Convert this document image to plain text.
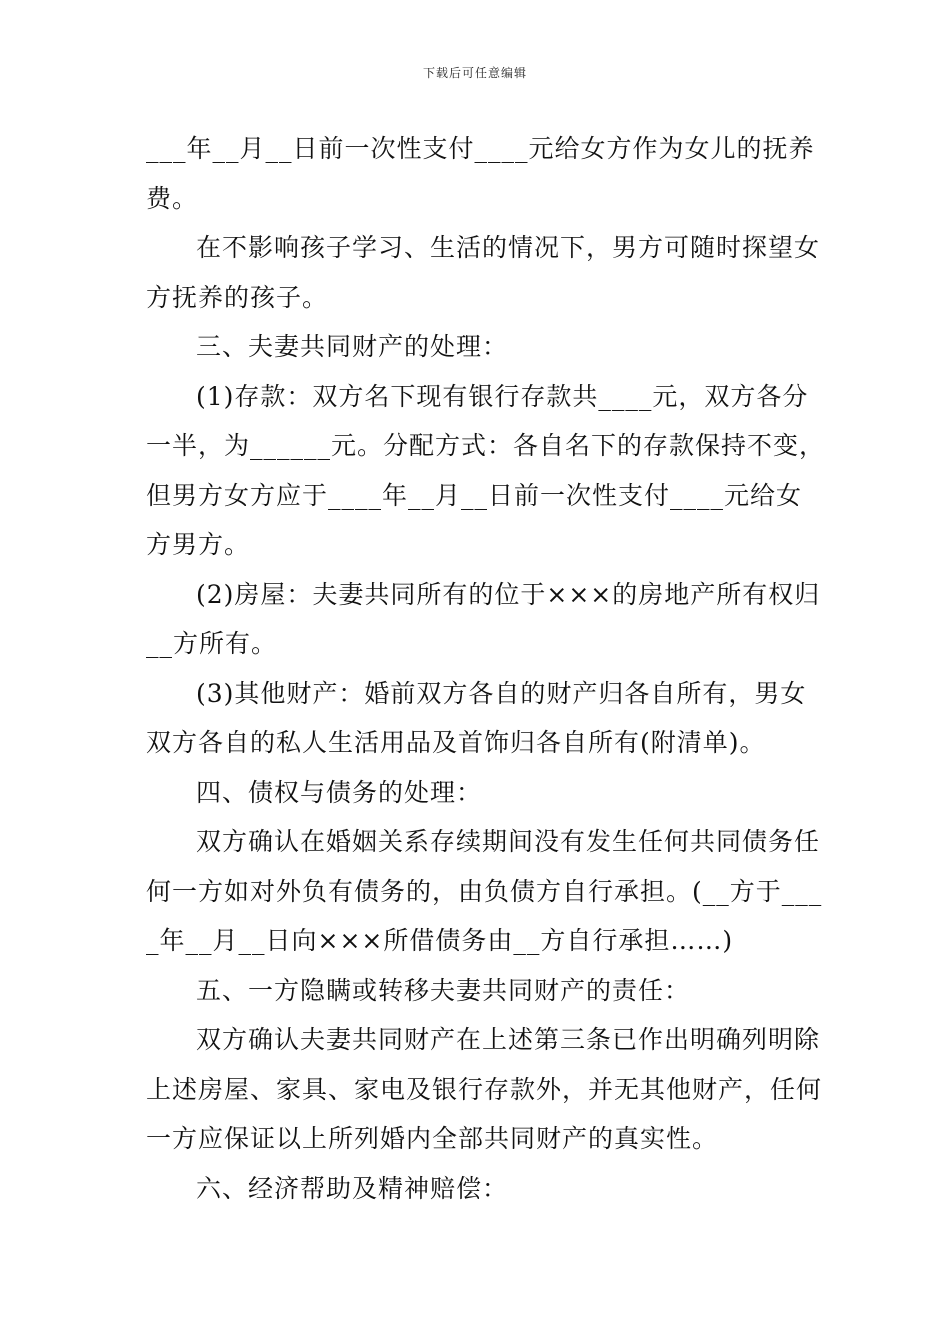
下载后可任意编辑

___年__月__日前一次性支付____元给女方作为女儿的抚养费。

在不影响孩子学习、生活的情况下，男方可随时探望女方抚养的孩子。

三、夫妻共同财产的处理：

(1)存款：双方名下现有银行存款共____元，双方各分一半，为______元。分配方式：各自名下的存款保持不变，但男方女方应于____年__月__日前一次性支付____元给女方男方。

(2)房屋：夫妻共同所有的位于×××的房地产所有权归__方所有。

(3)其他财产：婚前双方各自的财产归各自所有，男女双方各自的私人生活用品及首饰归各自所有(附清单)。

四、债权与债务的处理：

双方确认在婚姻关系存续期间没有发生任何共同债务任何一方如对外负有债务的，由负债方自行承担。(__方于____年__月__日向×××所借债务由__方自行承担……)

五、一方隐瞒或转移夫妻共同财产的责任：

双方确认夫妻共同财产在上述第三条已作出明确列明除上述房屋、家具、家电及银行存款外，并无其他财产，任何一方应保证以上所列婚内全部共同财产的真实性。

六、经济帮助及精神赔偿：
